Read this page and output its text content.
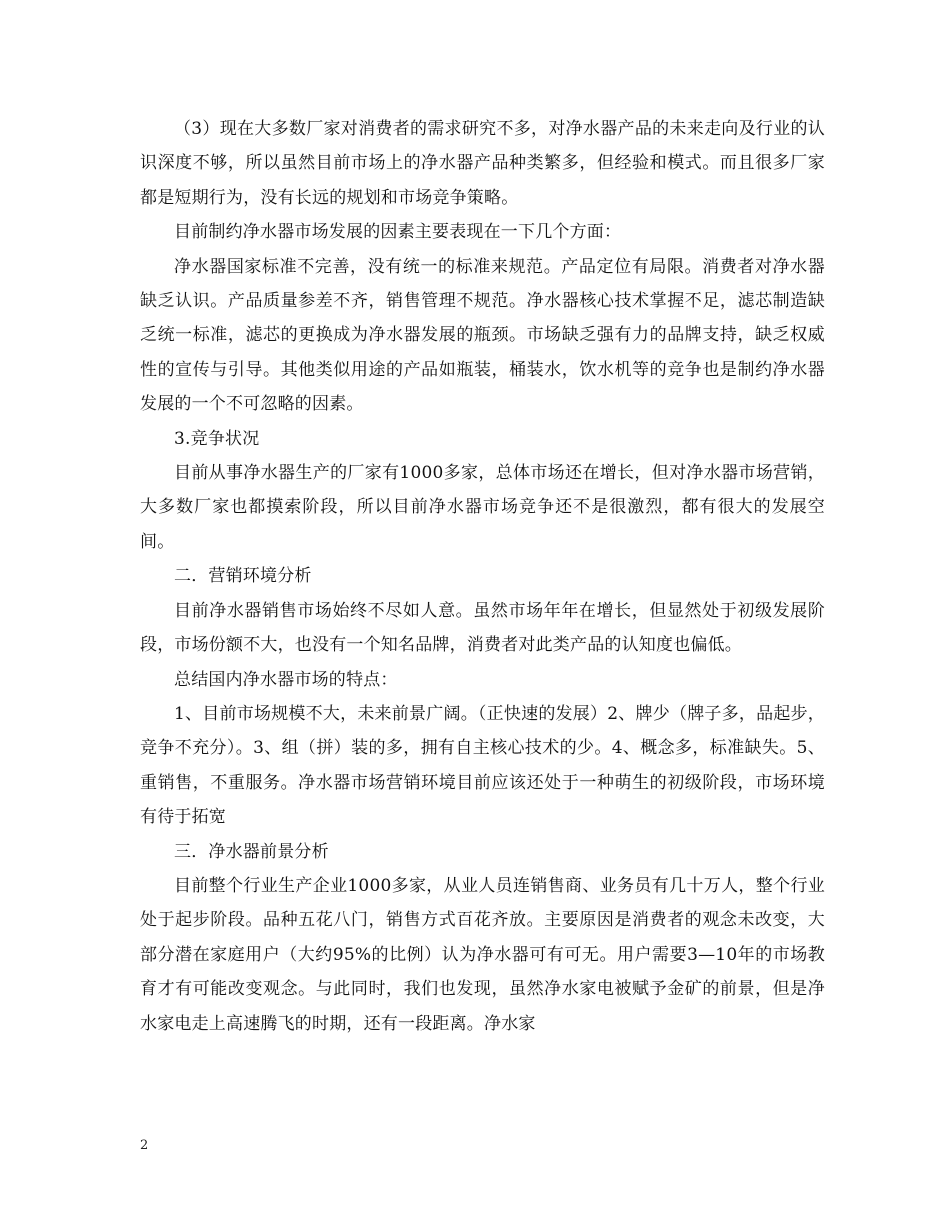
（3）现在大多数厂家对消费者的需求研究不多，对净水器产品的未来走向及行业的认识深度不够，所以虽然目前市场上的净水器产品种类繁多，但经验和模式。而且很多厂家都是短期行为，没有长远的规划和市场竞争策略。

目前制约净水器市场发展的因素主要表现在一下几个方面：

净水器国家标准不完善，没有统一的标准来规范。产品定位有局限。消费者对净水器缺乏认识。产品质量参差不齐，销售管理不规范。净水器核心技术掌握不足，滤芯制造缺乏统一标准，滤芯的更换成为净水器发展的瓶颈。市场缺乏强有力的品牌支持，缺乏权威性的宣传与引导。其他类似用途的产品如瓶装，桶装水，饮水机等的竞争也是制约净水器发展的一个不可忽略的因素。

3.竞争状况

目前从事净水器生产的厂家有1000多家，总体市场还在增长，但对净水器市场营销，大多数厂家也都摸索阶段，所以目前净水器市场竞争还不是很激烈，都有很大的发展空间。

二．营销环境分析

目前净水器销售市场始终不尽如人意。虽然市场年年在增长，但显然处于初级发展阶段，市场份额不大，也没有一个知名品牌，消费者对此类产品的认知度也偏低。

总结国内净水器市场的特点：

1、目前市场规模不大，未来前景广阔。（正快速的发展）2、牌少（牌子多，品起步，竞争不充分）。3、组（拼）装的多，拥有自主核心技术的少。4、概念多，标准缺失。5、重销售，不重服务。净水器市场营销环境目前应该还处于一种萌生的初级阶段，市场环境有待于拓宽

三．净水器前景分析

目前整个行业生产企业1000多家，从业人员连销售商、业务员有几十万人，整个行业处于起步阶段。品种五花八门，销售方式百花齐放。主要原因是消费者的观念未改变，大部分潜在家庭用户（大约95%的比例）认为净水器可有可无。用户需要3—10年的市场教育才有可能改变观念。与此同时，我们也发现，虽然净水家电被赋予金矿的前景，但是净水家电走上高速腾飞的时期，还有一段距离。净水家

2
